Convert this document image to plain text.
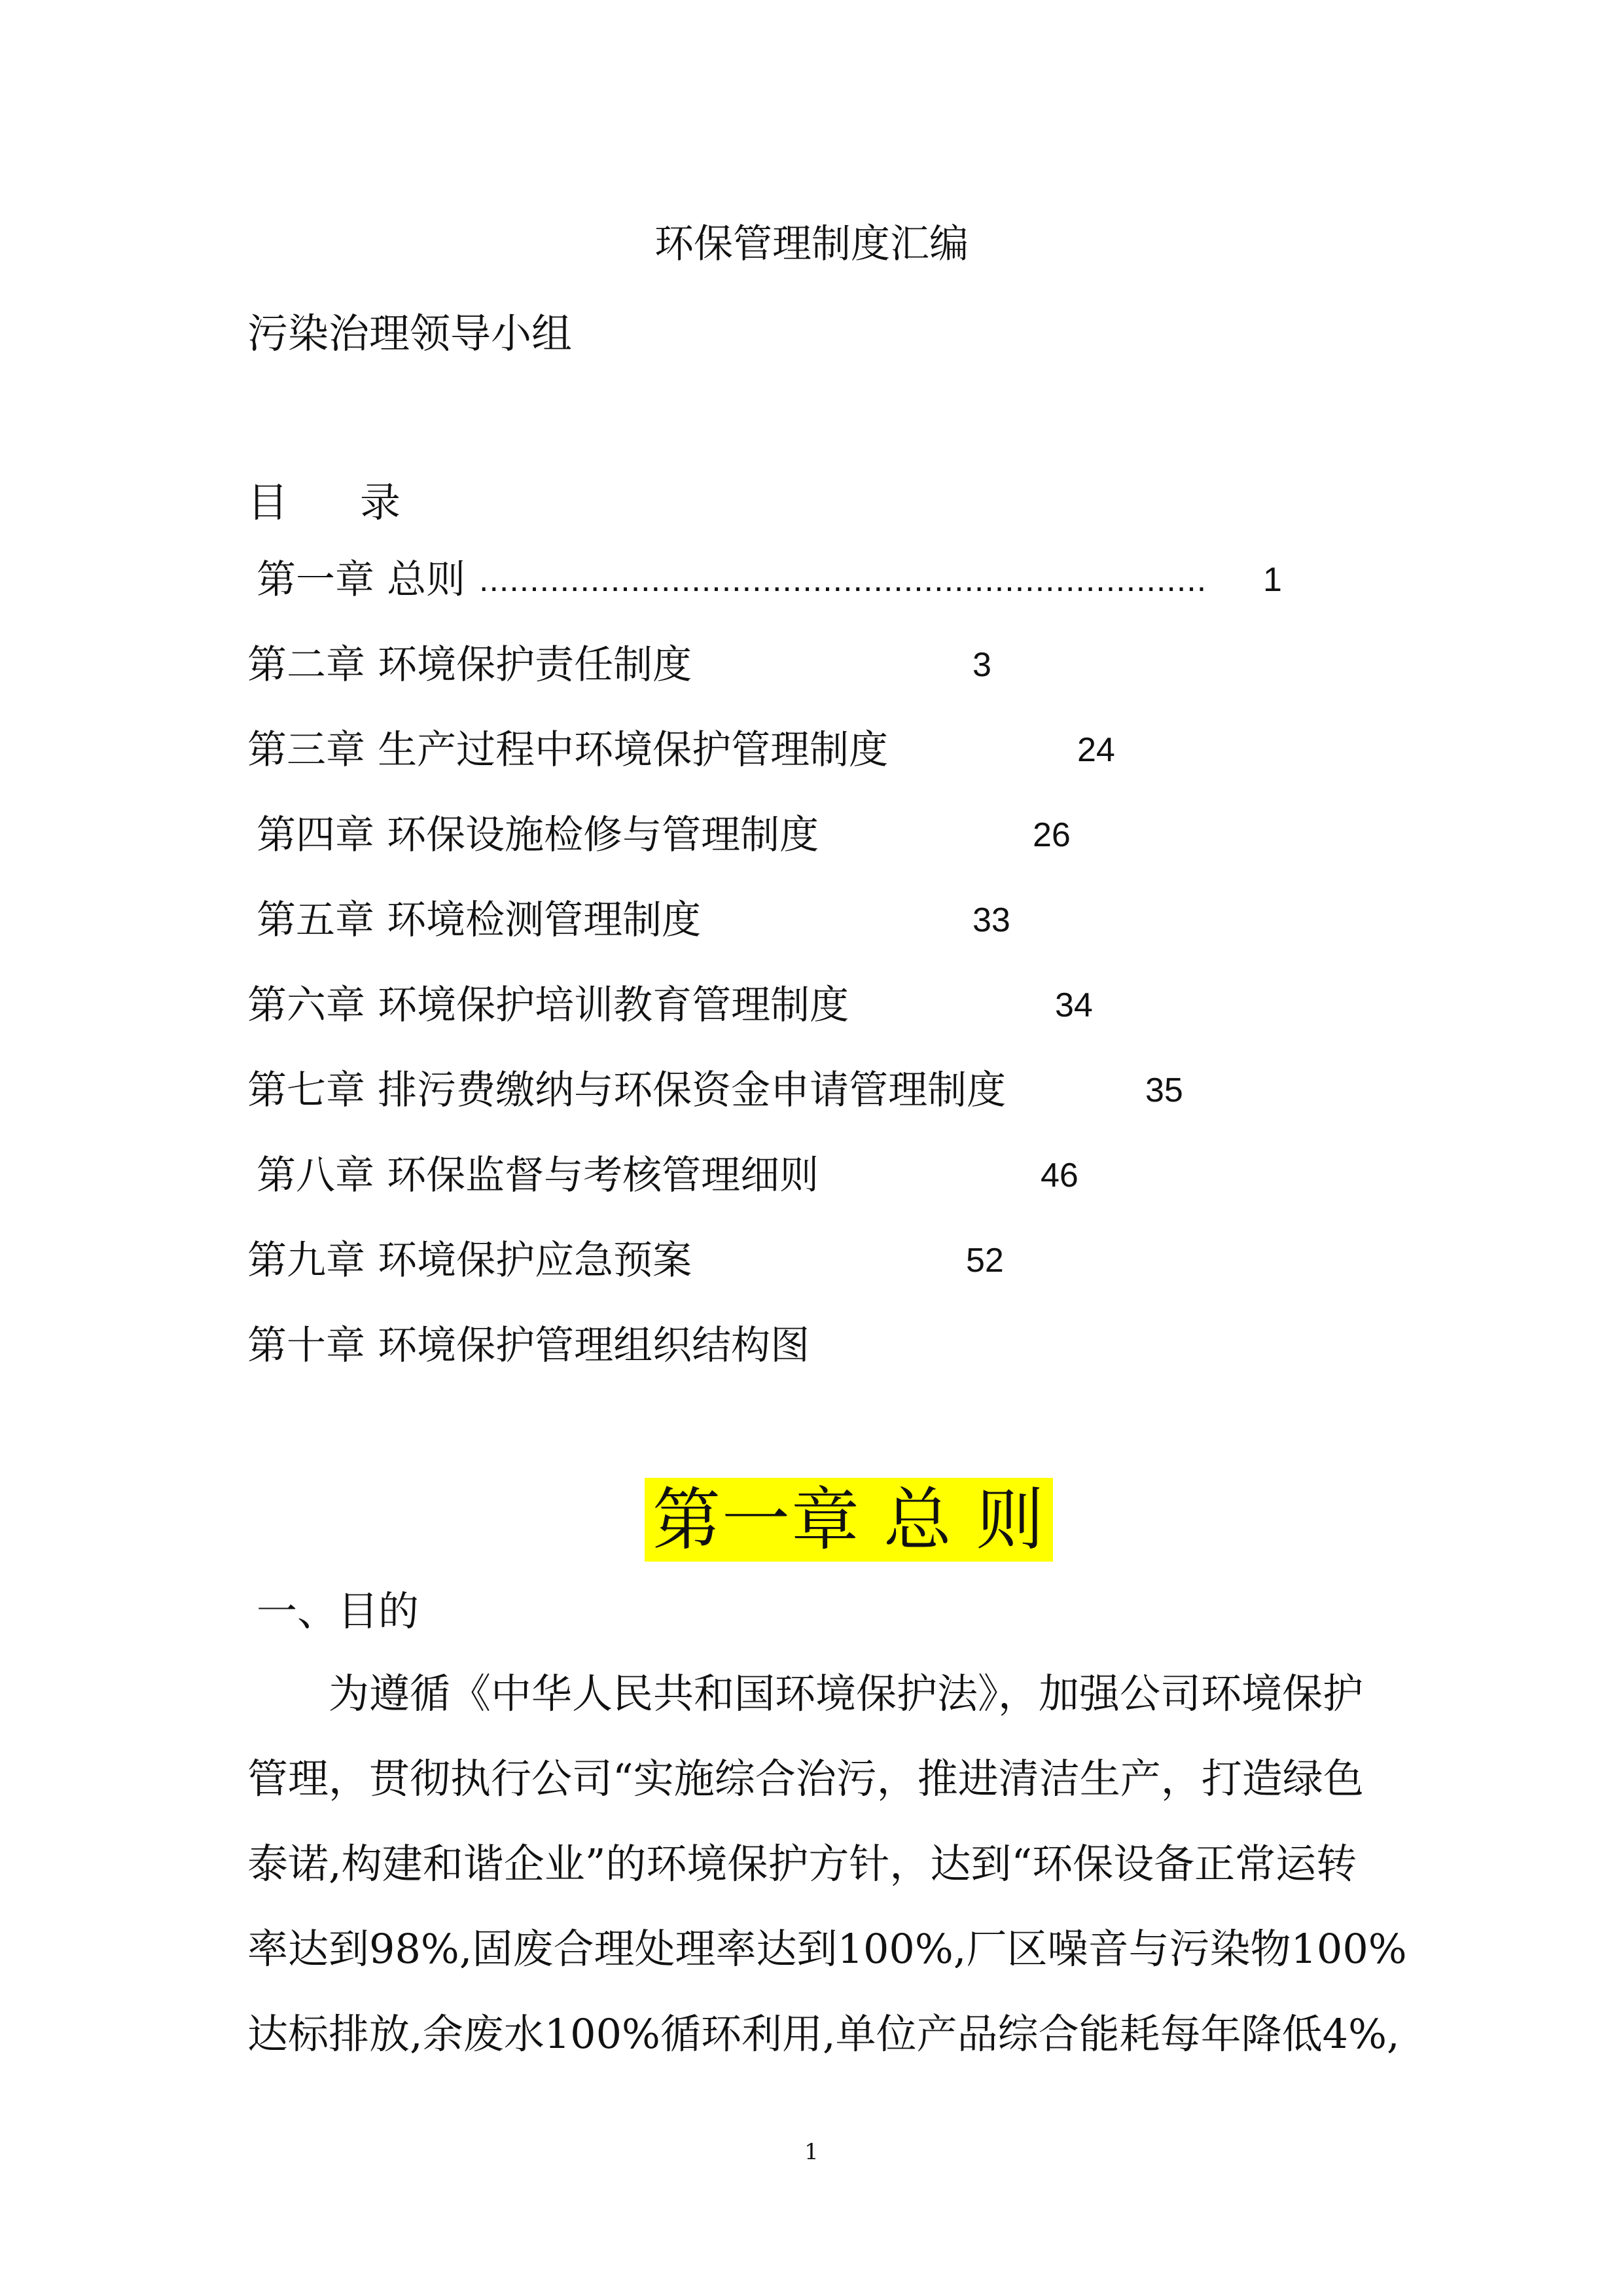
环保管理制度汇编
污染治理领导小组
目 录
第一章 总则 ........................................................................ 1
第二章 环境保护责任制度	3
第三章 生产过程中环境保护管理制度	24
第四章 环保设施检修与管理制度	26
第五章 环境检测管理制度	33
第六章 环境保护培训教育管理制度	34
第七章 排污费缴纳与环保资金申请管理制度	35
第八章 环保监督与考核管理细则	46
第九章 环境保护应急预案	52
第十章 环境保护管理组织结构图
第一章 总 则
一、目的
为遵循《中华人民共和国环境保护法》，加强公司环境保护
管理，贯彻执行公司“实施综合治污，推进清洁生产，打造绿色
泰诺,构建和谐企业”的环境保护方针，达到“环保设备正常运转
率达到98%,固废合理处理率达到100%,厂区噪音与污染物100%
达标排放,余废水100%循环利用,单位产品综合能耗每年降低4%,
1
